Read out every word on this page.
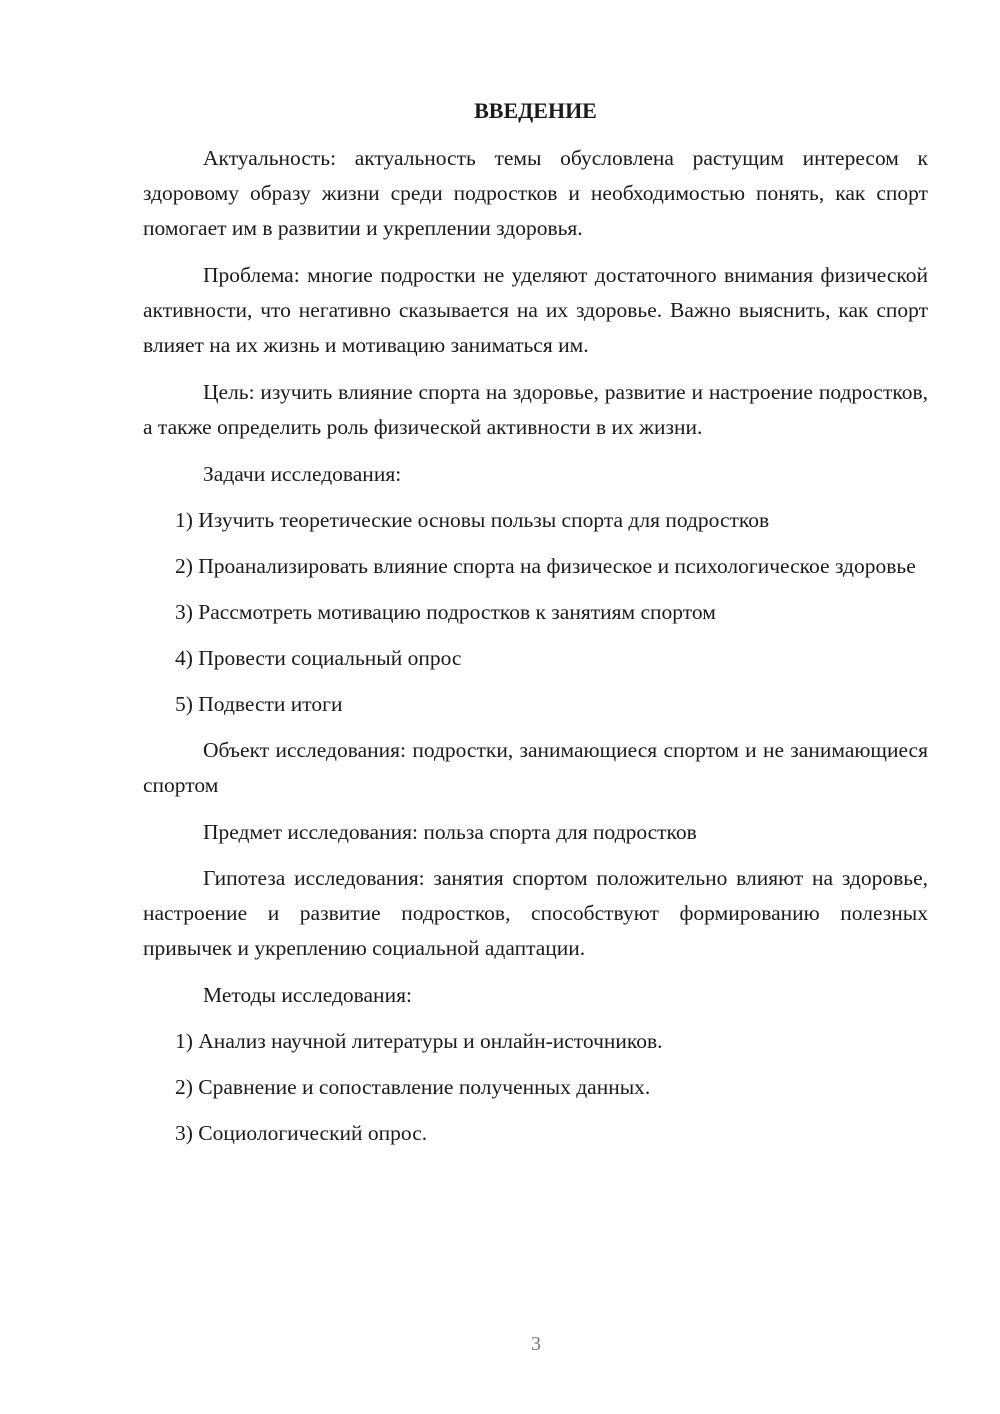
ВВЕДЕНИЕ

Актуальность: актуальность темы обусловлена растущим интересом к здоровому образу жизни среди подростков и необходимостью понять, как спорт помогает им в развитии и укреплении здоровья.

Проблема: многие подростки не уделяют достаточного внимания физической активности, что негативно сказывается на их здоровье. Важно выяснить, как спорт влияет на их жизнь и мотивацию заниматься им.

Цель: изучить влияние спорта на здоровье, развитие и настроение подростков, а также определить роль физической активности в их жизни.

Задачи исследования:

1) Изучить теоретические основы пользы спорта для подростков

2) Проанализировать влияние спорта на физическое и психологическое здоровье

3) Рассмотреть мотивацию подростков к занятиям спортом

4) Провести социальный опрос

5) Подвести итоги

Объект исследования: подростки, занимающиеся спортом и не занимающиеся спортом

Предмет исследования: польза спорта для подростков

Гипотеза исследования: занятия спортом положительно влияют на здоровье, настроение и развитие подростков, способствуют формированию полезных привычек и укреплению социальной адаптации.

Методы исследования:

1) Анализ научной литературы и онлайн-источников.

2) Сравнение и сопоставление полученных данных.

3) Социологический опрос.

3
